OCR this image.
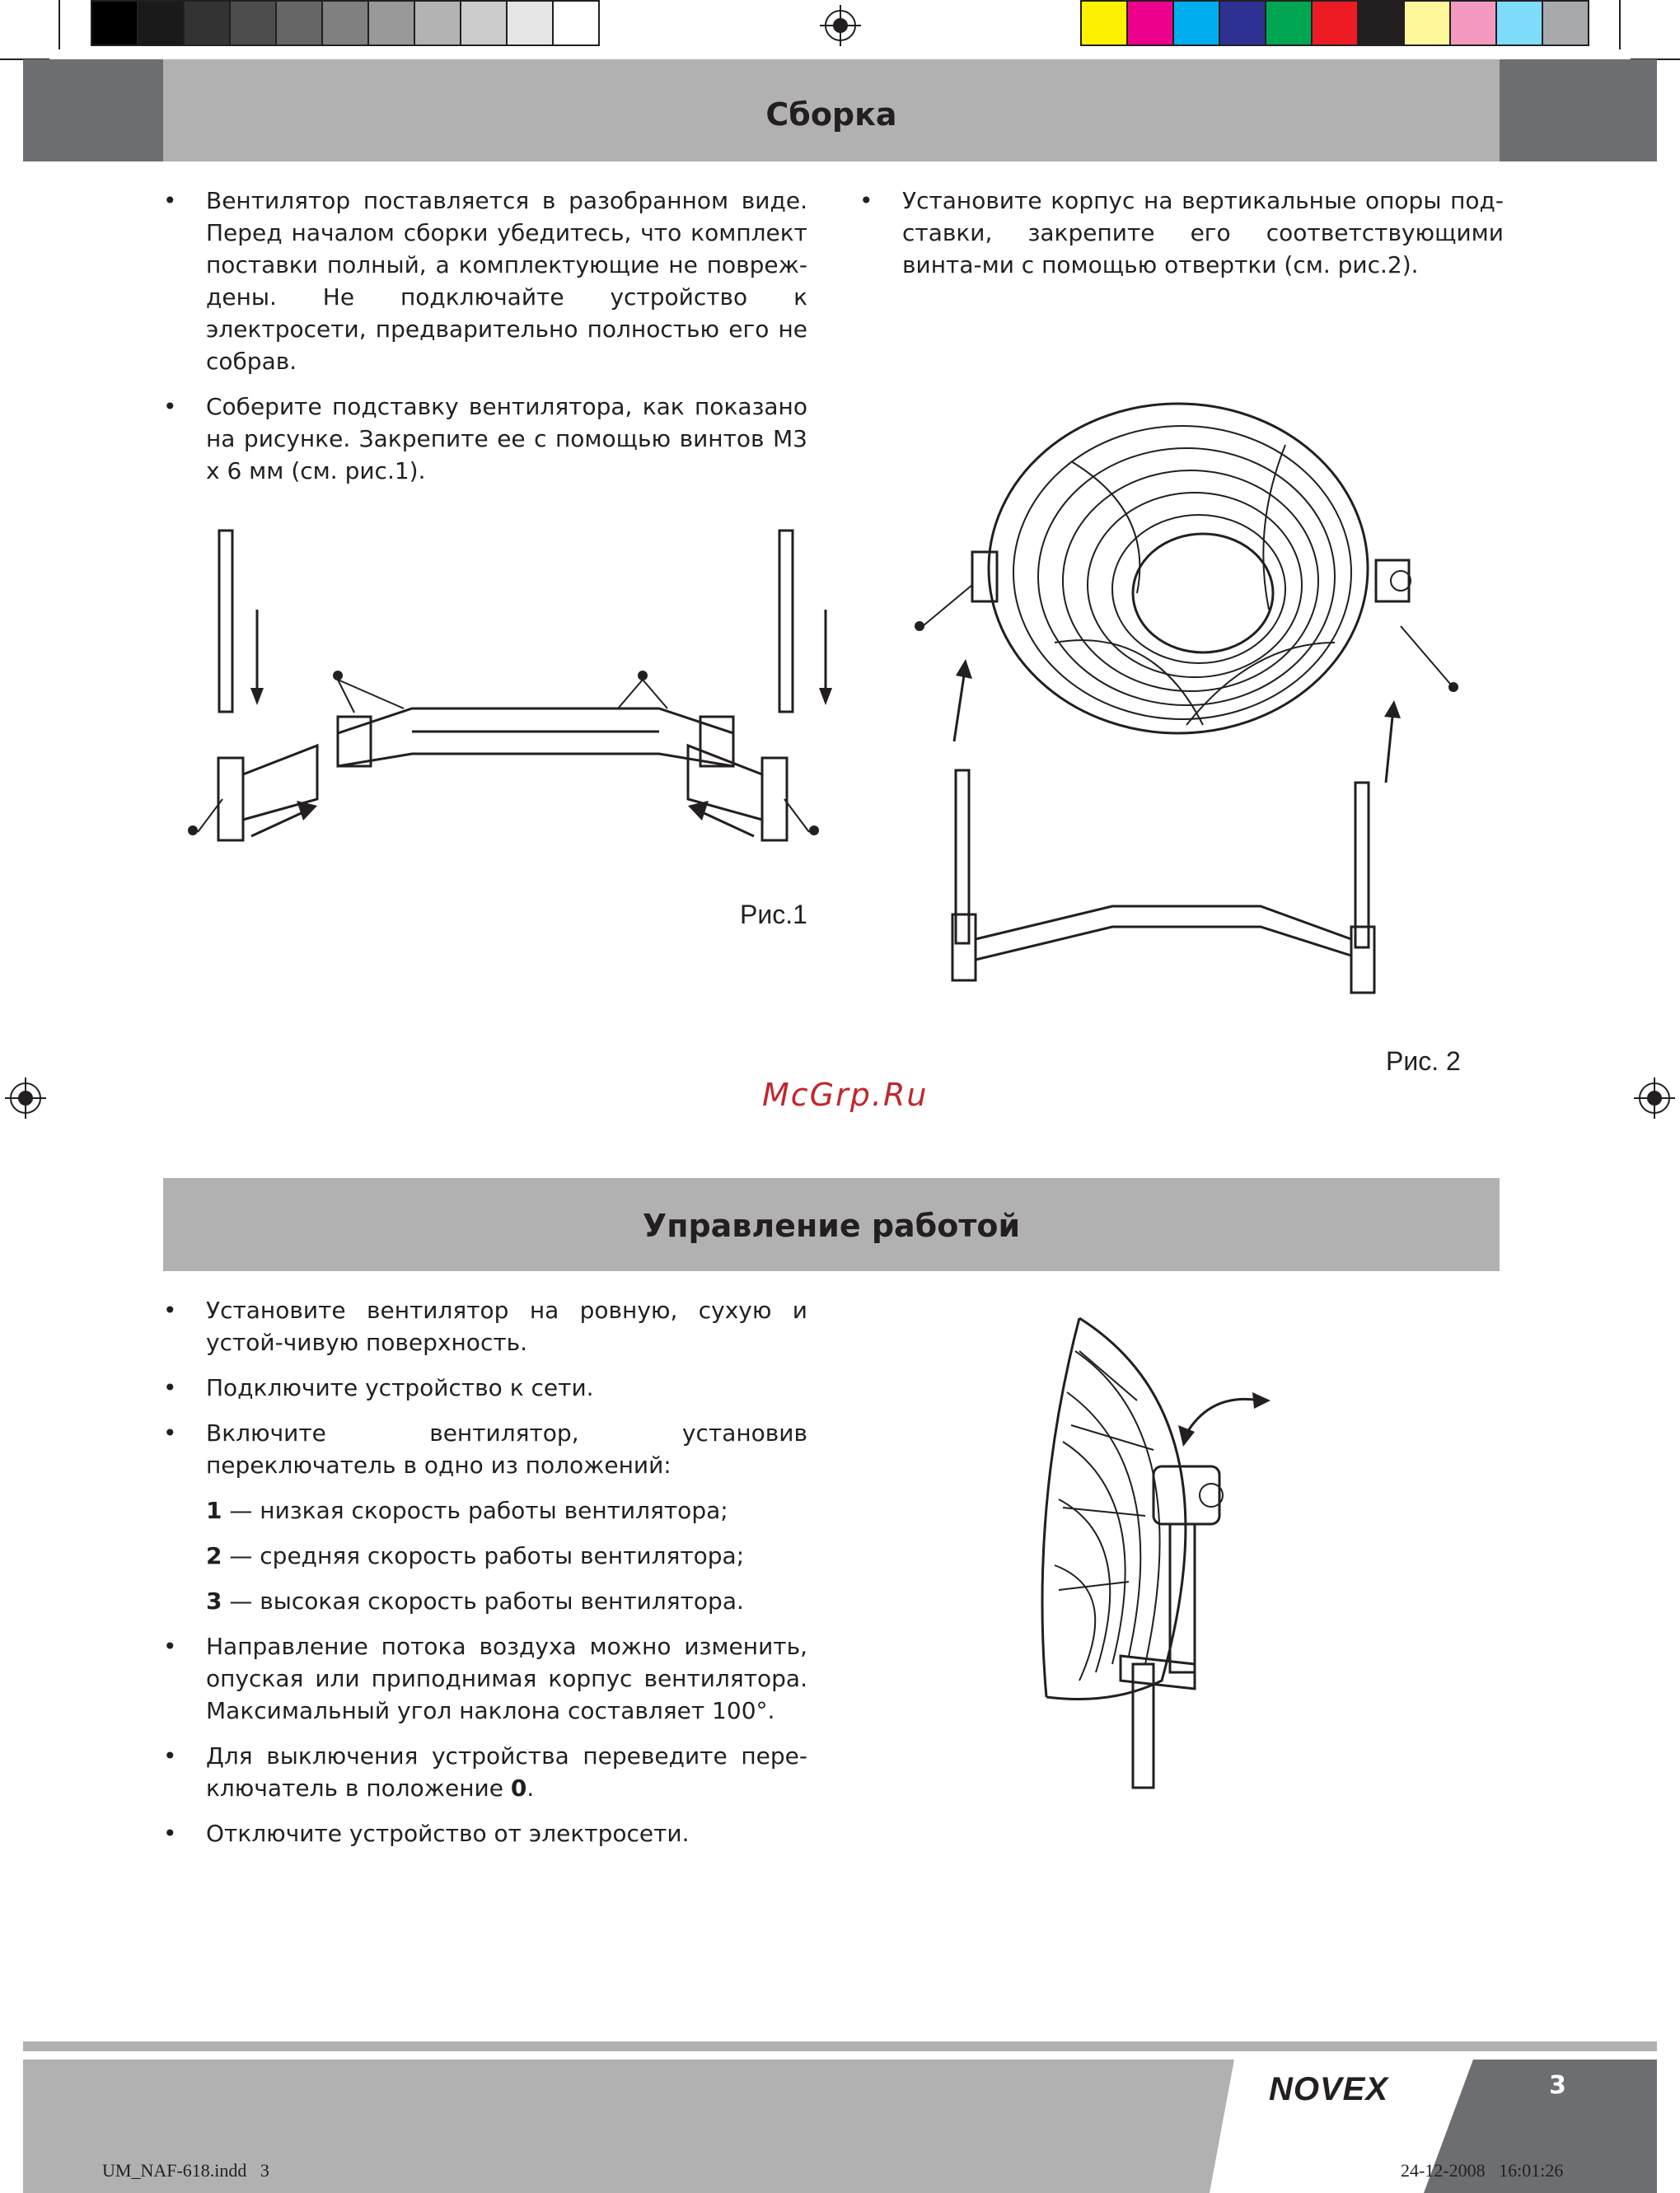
Сборка
• Вентилятор поставляется в разобранном виде. Перед началом сборки убедитесь, что комплект поставки полный, а комплектующие не повреж-дены. Не подключайте устройство к электросети, предварительно полностью его не собрав.
• Соберите подставку вентилятора, как показано на рисунке. Закрепите ее с помощью винтов М3 x 6 мм (см. рис.1).
• Установите корпус на вертикальные опоры под-ставки, закрепите его соответствующими винта-ми с помощью отвертки (см. рис.2).
Рис.1
Рис. 2
McGrp.Ru
Управление работой
• Установите вентилятор на ровную, сухую и устой-чивую поверхность.
• Подключите устройство к сети.
• Включите вентилятор, установив переключатель в одно из положений:
1 — низкая скорость работы вентилятора;
2 — средняя скорость работы вентилятора;
3 — высокая скорость работы вентилятора.
• Направление потока воздуха можно изменить, опуская или приподнимая корпус вентилятора. Максимальный угол наклона составляет 100°.
• Для выключения устройства переведите пере-ключатель в положение 0.
• Отключите устройство от электросети.
NOVEX	3
UM_NAF-618.indd   3	24-12-2008   16:01:26
